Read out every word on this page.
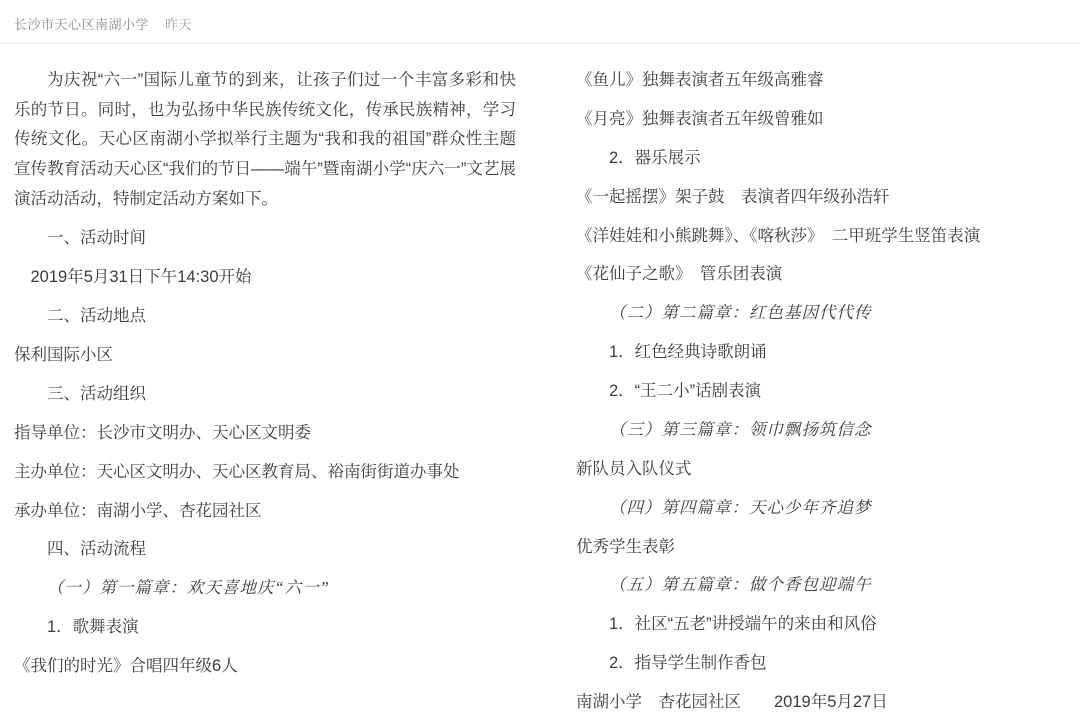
长沙市天心区南湖小学 昨天

为庆祝“六一”国际儿童节的到来，让孩子们过一个丰富多彩和快乐的节日。同时，也为弘扬中华民族传统文化，传承民族精神，学习传统文化。天心区南湖小学拟举行主题为“我和我的祖国”群众性主题宣传教育活动天心区“我们的节日——端午”暨南湖小学“庆六一”文艺展演活动活动，特制定活动方案如下。

一、活动时间

2019年5月31日下午14:30开始

二、活动地点

保利国际小区

三、活动组织

指导单位：长沙市文明办、天心区文明委

主办单位：天心区文明办、天心区教育局、裕南街街道办事处

承办单位：南湖小学、杏花园社区

四、活动流程

（一）第一篇章：欢天喜地庆“六一”

1．歌舞表演

《我们的时光》合唱四年级6人

《鱼儿》独舞表演者五年级高雅睿

《月亮》独舞表演者五年级曾雅如

2．器乐展示

《一起摇摆》架子鼓　表演者四年级孙浩轩

《洋娃娃和小熊跳舞》、《喀秋莎》　二甲班学生竖笛表演

《花仙子之歌》　管乐团表演

（二）第二篇章：红色基因代代传

1．红色经典诗歌朗诵

2．“王二小”话剧表演

（三）第三篇章：领巾飘扬筑信念

新队员入队仪式

（四）第四篇章：天心少年齐追梦

优秀学生表彰

（五）第五篇章：做个香包迎端午

1．社区“五老”讲授端午的来由和风俗

2．指导学生制作香包

南湖小学　杏花园社区　　2019年5月27日
